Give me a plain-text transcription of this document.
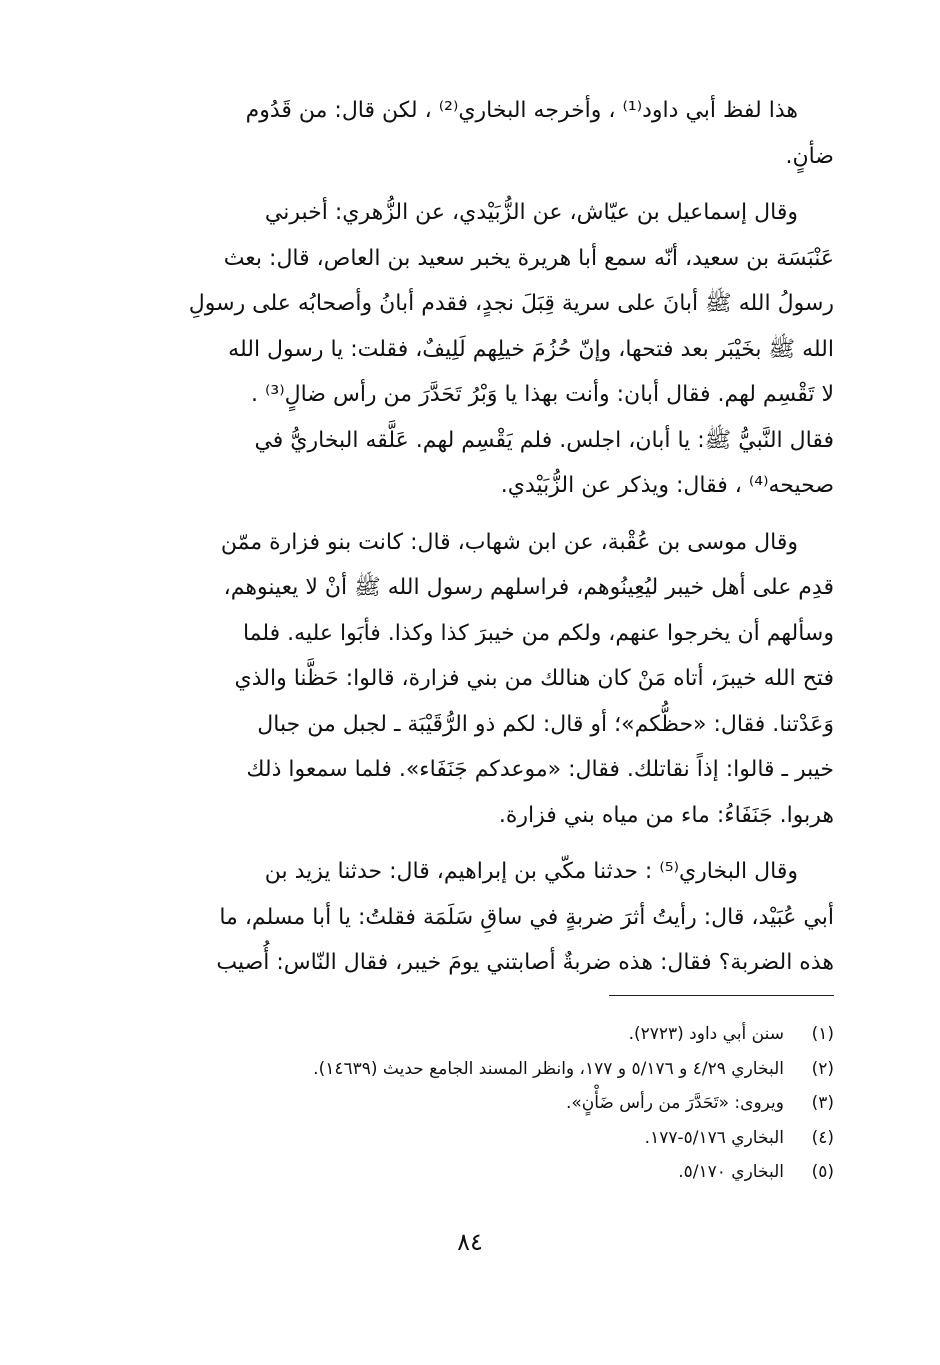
هذا لفظ أبي داود⁽¹⁾ ، وأخرجه البخاري⁽²⁾ ، لكن قال: من قَدُوم
ضأنٍ.

وقال إسماعيل بن عيّاش، عن الزُّبَيْدي، عن الزُّهري: أخبرني
عَنْبَسَة بن سعيد، أنّه سمع أبا هريرة يخبر سعيد بن العاص، قال: بعث
رسولُ الله ﷺ أبانَ على سرية قِبَلَ نجدٍ، فقدم أبانُ وأصحابُه على رسولِ
الله ﷺ بخَيْبَر بعد فتحها، وإنّ حُزُمَ خيلِهم لَلِيفٌ، فقلت: يا رسول الله
لا تَقْسِم لهم. فقال أبان: وأنت بهذا يا وَبْرُ تَحَدَّرَ من رأس ضالٍ⁽³⁾ .
فقال النَّبيُّ ﷺ: يا أبان، اجلس. فلم يَقْسِم لهم. عَلَّقه البخاريُّ في
صحيحه⁽⁴⁾ ، فقال: ويذكر عن الزُّبَيْدي.

وقال موسى بن عُقْبة، عن ابن شهاب، قال: كانت بنو فزارة ممّن
قدِم على أهل خيبر ليُعِينُوهم، فراسلهم رسول الله ﷺ أنْ لا يعينوهم،
وسألهم أن يخرجوا عنهم، ولكم من خيبرَ كذا وكذا. فأبَوا عليه. فلما
فتح الله خيبرَ، أتاه مَنْ كان هنالك من بني فزارة، قالوا: حَظَّنا والذي
وَعَدْتنا. فقال: «حظُّكم»؛ أو قال: لكم ذو الرُّقَيْبَة ـ لجبل من جبال
خيبر ـ قالوا: إذاً نقاتلك. فقال: «موعدكم جَنَفَاء». فلما سمعوا ذلك
هربوا. جَنَفَاءُ: ماء من مياه بني فزارة.

وقال البخاري⁽⁵⁾ : حدثنا مكّي بن إبراهيم، قال: حدثنا يزيد بن
أبي عُبَيْد، قال: رأيتُ أثرَ ضربةٍ في ساقِ سَلَمَة فقلتُ: يا أبا مسلم، ما
هذه الضربة؟ فقال: هذه ضربةٌ أصابتني يومَ خيبر، فقال النّاس: أُصيب

(١)
سنن أبي داود (٢٧٢٣).
(٢)
البخاري ٤/٢٩ و ٥/١٧٦ و ١٧٧، وانظر المسند الجامع حديث (١٤٦٣٩).
(٣)
ويروى: «تَحَدَّرَ من رأس ضَأْنٍ».
(٤)
البخاري ٥/١٧٦-١٧٧.
(٥)
البخاري ٥/١٧٠.
٨٤
